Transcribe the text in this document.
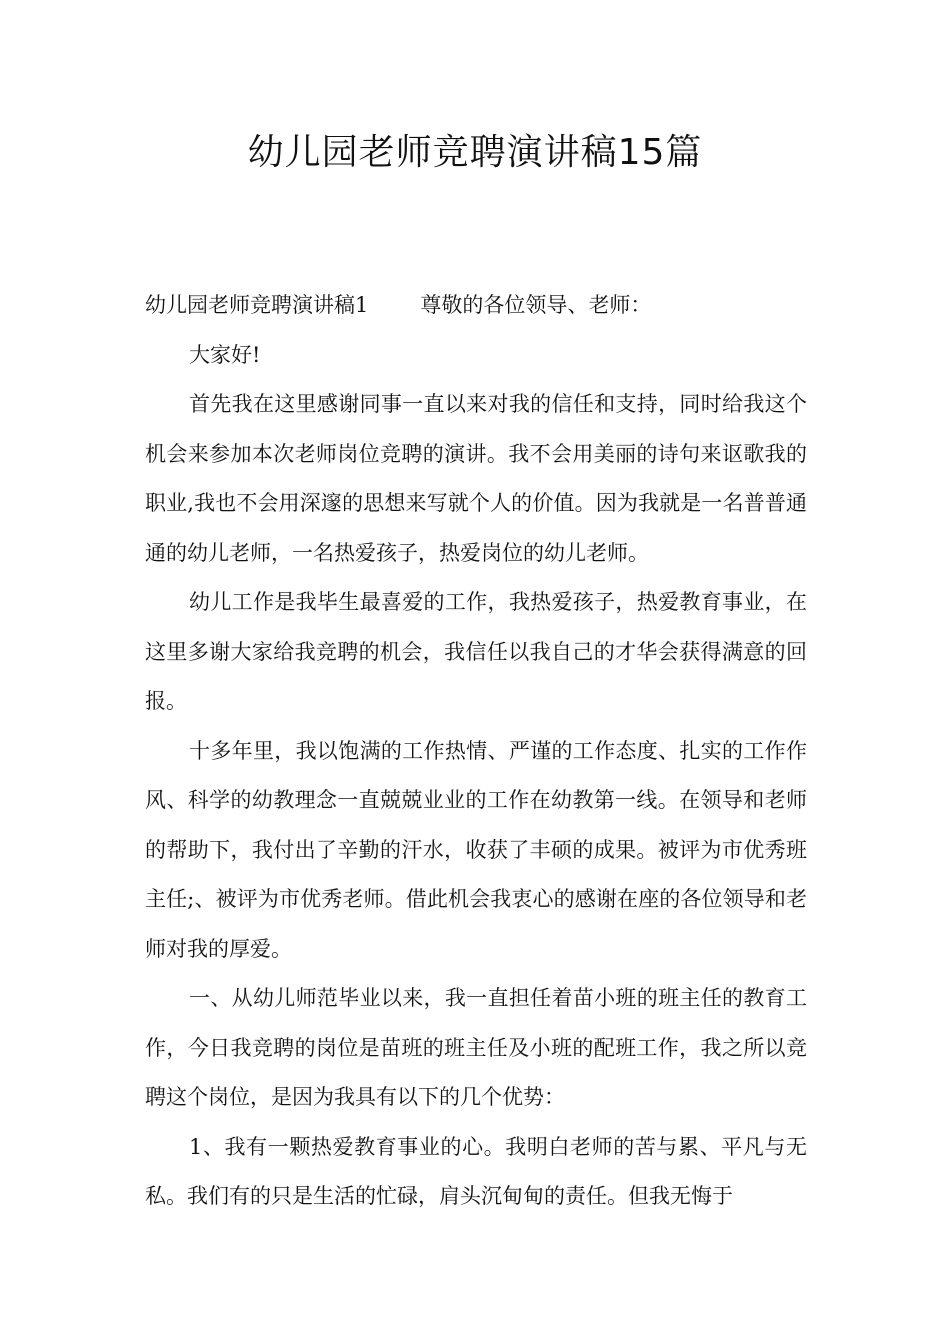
幼儿园老师竞聘演讲稿15篇

幼儿园老师竞聘演讲稿1 尊敬的各位领导、老师：

大家好!

首先我在这里感谢同事一直以来对我的信任和支持，同时给我这个机会来参加本次老师岗位竞聘的演讲。我不会用美丽的诗句来讴歌我的职业,我也不会用深邃的思想来写就个人的价值。因为我就是一名普普通通的幼儿老师，一名热爱孩子，热爱岗位的幼儿老师。

幼儿工作是我毕生最喜爱的工作，我热爱孩子，热爱教育事业，在这里多谢大家给我竞聘的机会，我信任以我自己的才华会获得满意的回报。

十多年里，我以饱满的工作热情、严谨的工作态度、扎实的工作作风、科学的幼教理念一直兢兢业业的工作在幼教第一线。在领导和老师的帮助下，我付出了辛勤的汗水，收获了丰硕的成果。被评为市优秀班主任;、被评为市优秀老师。借此机会我衷心的感谢在座的各位领导和老师对我的厚爱。

一、从幼儿师范毕业以来，我一直担任着苗小班的班主任的教育工作，今日我竞聘的岗位是苗班的班主任及小班的配班工作，我之所以竞聘这个岗位，是因为我具有以下的几个优势：

1、我有一颗热爱教育事业的心。我明白老师的苦与累、平凡与无私。我们有的只是生活的忙碌，肩头沉甸甸的责任。但我无悔于
